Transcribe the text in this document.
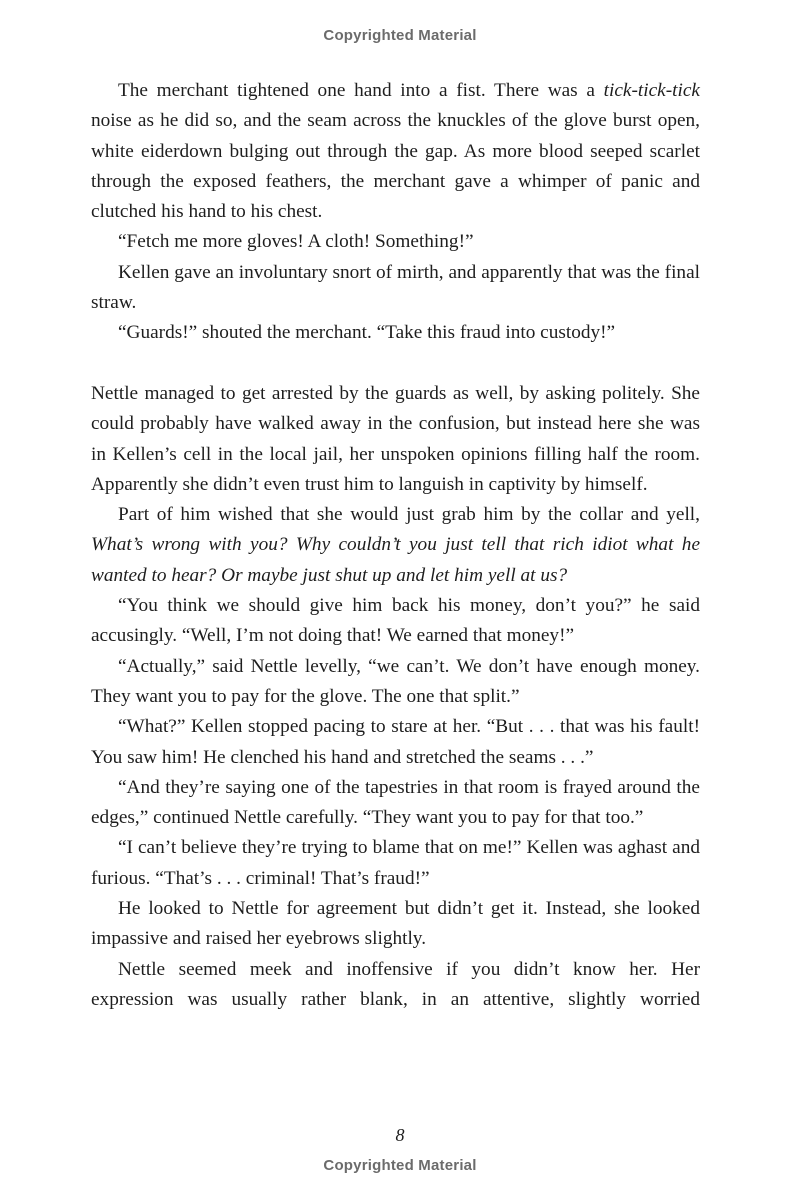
Copyrighted Material

The merchant tightened one hand into a fist. There was a tick-tick-tick noise as he did so, and the seam across the knuckles of the glove burst open, white eiderdown bulging out through the gap. As more blood seeped scarlet through the exposed feathers, the merchant gave a whimper of panic and clutched his hand to his chest.

“Fetch me more gloves! A cloth! Something!”

Kellen gave an involuntary snort of mirth, and apparently that was the final straw.

“Guards!” shouted the merchant. “Take this fraud into custody!”

Nettle managed to get arrested by the guards as well, by asking politely. She could probably have walked away in the confusion, but instead here she was in Kellen’s cell in the local jail, her unspoken opinions filling half the room. Apparently she didn’t even trust him to languish in captivity by himself.

Part of him wished that she would just grab him by the collar and yell, What’s wrong with you? Why couldn’t you just tell that rich idiot what he wanted to hear? Or maybe just shut up and let him yell at us?

“You think we should give him back his money, don’t you?” he said accusingly. “Well, I’m not doing that! We earned that money!”

“Actually,” said Nettle levelly, “we can’t. We don’t have enough money. They want you to pay for the glove. The one that split.”

“What?” Kellen stopped pacing to stare at her. “But . . . that was his fault! You saw him! He clenched his hand and stretched the seams . . .”

“And they’re saying one of the tapestries in that room is frayed around the edges,” continued Nettle carefully. “They want you to pay for that too.”

“I can’t believe they’re trying to blame that on me!” Kellen was aghast and furious. “That’s . . . criminal! That’s fraud!”

He looked to Nettle for agreement but didn’t get it. Instead, she looked impassive and raised her eyebrows slightly.

Nettle seemed meek and inoffensive if you didn’t know her. Her expression was usually rather blank, in an attentive, slightly worried

8
Copyrighted Material
